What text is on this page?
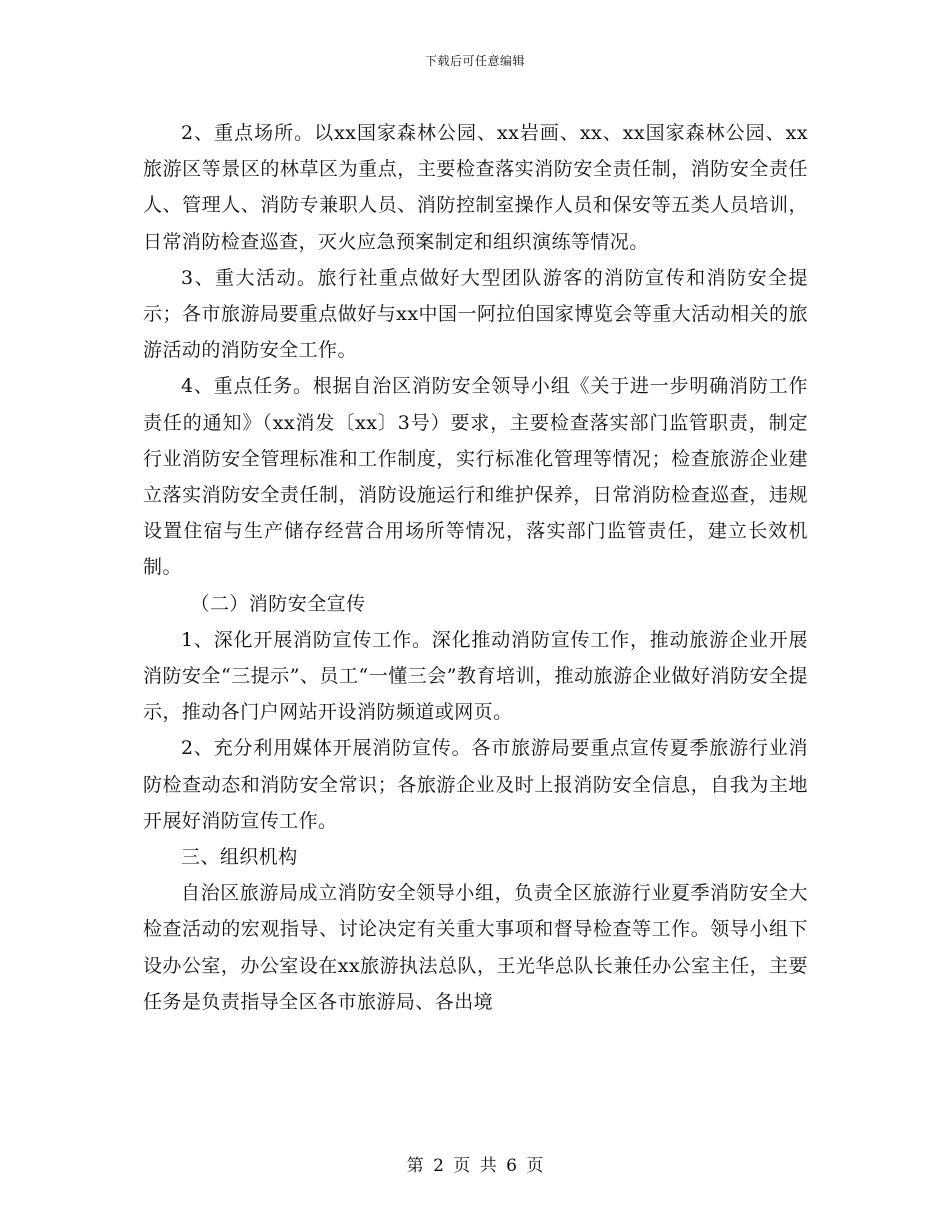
下载后可任意编辑

2、重点场所。以xx国家森林公园、xx岩画、xx、xx国家森林公园、xx旅游区等景区的林草区为重点，主要检查落实消防安全责任制，消防安全责任人、管理人、消防专兼职人员、消防控制室操作人员和保安等五类人员培训，日常消防检查巡查，灭火应急预案制定和组织演练等情况。

3、重大活动。旅行社重点做好大型团队游客的消防宣传和消防安全提示；各市旅游局要重点做好与xx中国一阿拉伯国家博览会等重大活动相关的旅游活动的消防安全工作。

4、重点任务。根据自治区消防安全领导小组《关于进一步明确消防工作责任的通知》（xx消发〔xx〕3号）要求，主要检查落实部门监管职责，制定行业消防安全管理标准和工作制度，实行标准化管理等情况；检查旅游企业建立落实消防安全责任制，消防设施运行和维护保养，日常消防检查巡查，违规设置住宿与生产储存经营合用场所等情况，落实部门监管责任，建立长效机制。

（二）消防安全宣传

1、深化开展消防宣传工作。深化推动消防宣传工作，推动旅游企业开展消防安全“三提示”、员工“一懂三会”教育培训，推动旅游企业做好消防安全提示，推动各门户网站开设消防频道或网页。

2、充分利用媒体开展消防宣传。各市旅游局要重点宣传夏季旅游行业消防检查动态和消防安全常识；各旅游企业及时上报消防安全信息，自我为主地开展好消防宣传工作。

三、组织机构

自治区旅游局成立消防安全领导小组，负责全区旅游行业夏季消防安全大检查活动的宏观指导、讨论决定有关重大事项和督导检查等工作。领导小组下设办公室，办公室设在xx旅游执法总队，王光华总队长兼任办公室主任，主要任务是负责指导全区各市旅游局、各出境

第 2 页 共 6 页
